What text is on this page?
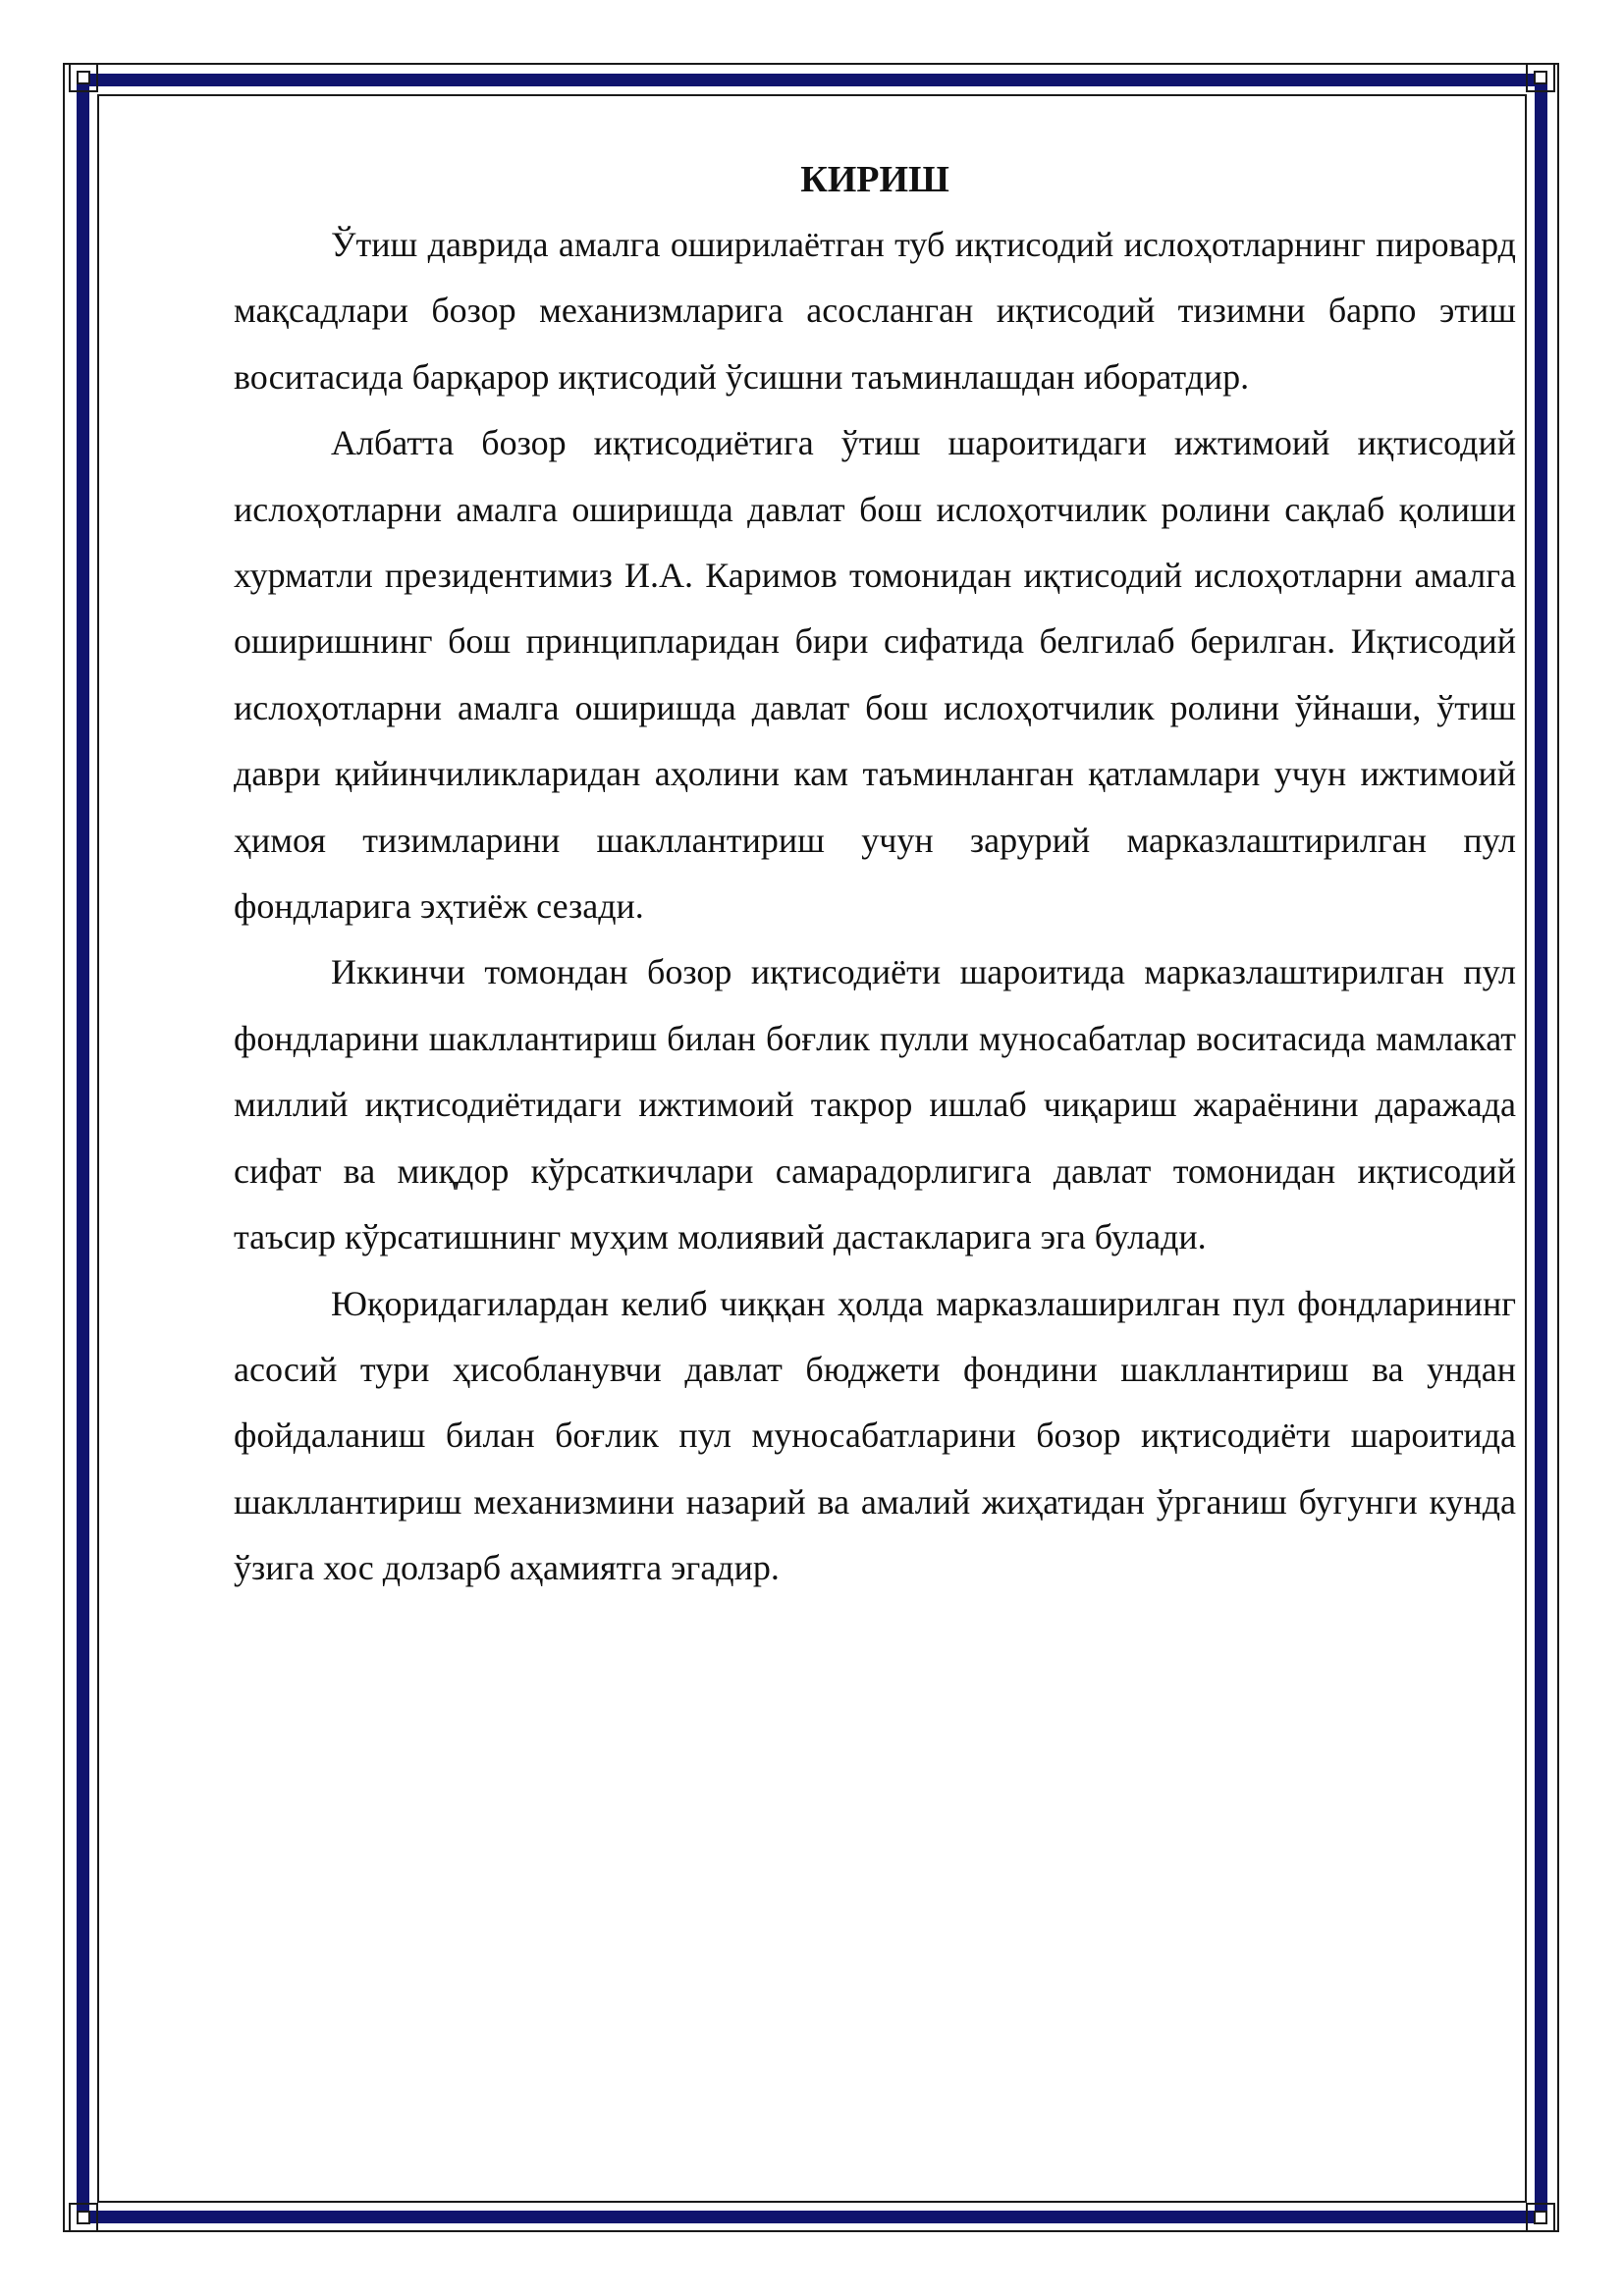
КИРИШ

Ўтиш даврида амалга оширилаётган туб иқтисодий ислоҳотларнинг пировард мақсадлари бозор механизмларига асосланган иқтисодий тизимни барпо этиш воситасида барқарор иқтисодий ўсишни таъминлашдан иборатдир.

Албатта бозор иқтисодиётига ўтиш шароитидаги ижтимоий иқтисодий ислоҳотларни амалга оширишда давлат бош ислоҳотчилик ролини сақлаб қолиши хурматли президентимиз И.А. Каримов томонидан иқтисодий ислоҳотларни амалга оширишнинг бош принципларидан бири сифатида белгилаб берилган. Иқтисодий ислоҳотларни амалга оширишда давлат бош ислоҳотчилик ролини ўйнаши, ўтиш даври қийинчиликларидан аҳолини кам таъминланган қатламлари учун ижтимоий ҳимоя тизимларини шакллантириш учун зарурий марказлаштирилган пул фондларига эҳтиёж сезади.

Иккинчи томондан бозор иқтисодиёти шароитида марказлаштирилган пул фондларини шакллантириш билан боғлик пулли муносабатлар воситасида мамлакат миллий иқтисодиётидаги ижтимоий такрор ишлаб чиқариш жараёнини даражада сифат ва миқдор кўрсаткичлари самарадорлигига давлат томонидан иқтисодий таъсир кўрсатишнинг муҳим молиявий дастакларига эга булади.

Юқоридагилардан келиб чиққан ҳолда марказлаширилган пул фондларининг асосий тури ҳисобланувчи давлат бюджети фондини шакллантириш ва ундан фойдаланиш билан боғлик пул муносабатларини бозор иқтисодиёти шароитида шакллантириш механизмини назарий ва амалий жиҳатидан ўрганиш бугунги кунда ўзига хос долзарб аҳамиятга эгадир.
